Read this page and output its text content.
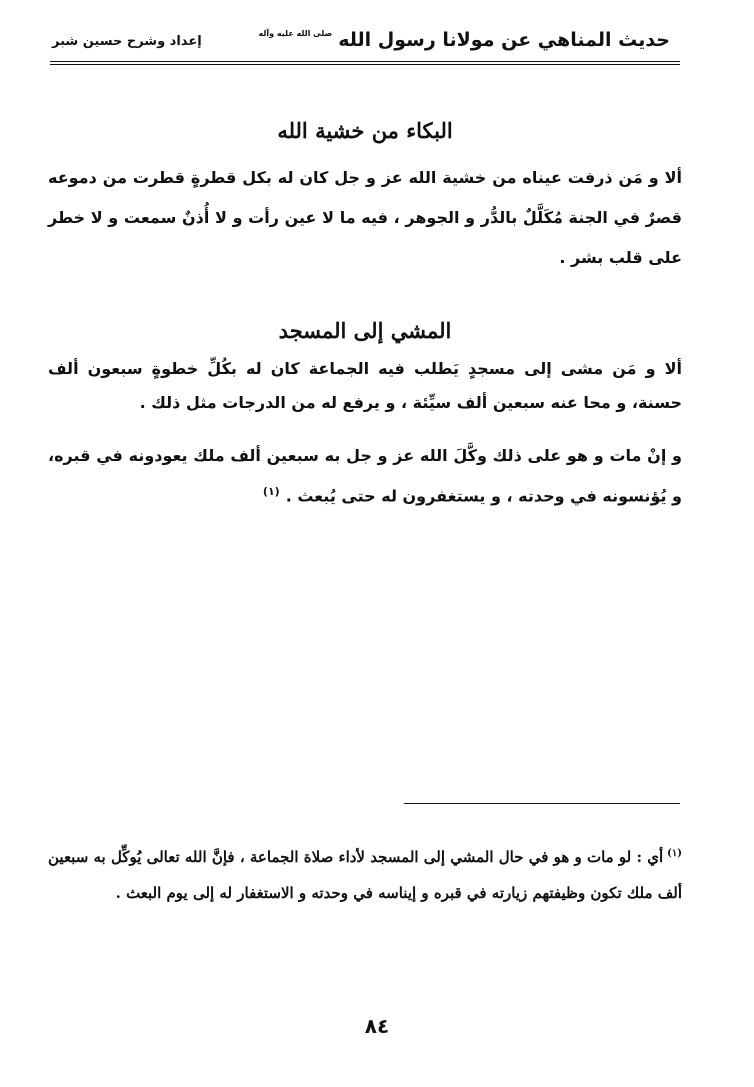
حديث المناهي عن مولانا رسول الله
صلى الله عليه وآله
إعداد وشرح حسين شبر
البكاء من خشية الله
ألا و مَن ذرفت عيناه من خشية الله عز و جل كان له بكل قطرةٍ قطرت من دموعه قصرٌ في الجنة مُكَلَّلٌ بالدُّر و الجوهر ، فيه ما لا عين رأت و لا أُذنٌ سمعت و لا خطر على قلب بشر .
المشي إلى المسجد
ألا و مَن مشى إلى مسجدٍ يَطلب فيه الجماعة كان له بكُلِّ خطوةٍ سبعون ألف حسنة، و محا عنه سبعين ألف سيِّئة ، و يرفع له من الدرجات مثل ذلك .
و إنْ مات و هو على ذلك وكَّلَ الله عز و جل به سبعين ألف ملك يعودونه في قبره، و يُؤنسونه في وحدته ، و يستغفرون له حتى يُبعث .$^{(١)}$
$^{(١)}$أي : لو مات و هو في حال المشي إلى المسجد لأداء صلاة الجماعة ، فإنَّ الله تعالى يُوكِّل به سبعين ألف ملك تكون وظيفتهم زيارته في قبره و إيناسه في وحدته و الاستغفار له إلى يوم البعث .
٨٤
